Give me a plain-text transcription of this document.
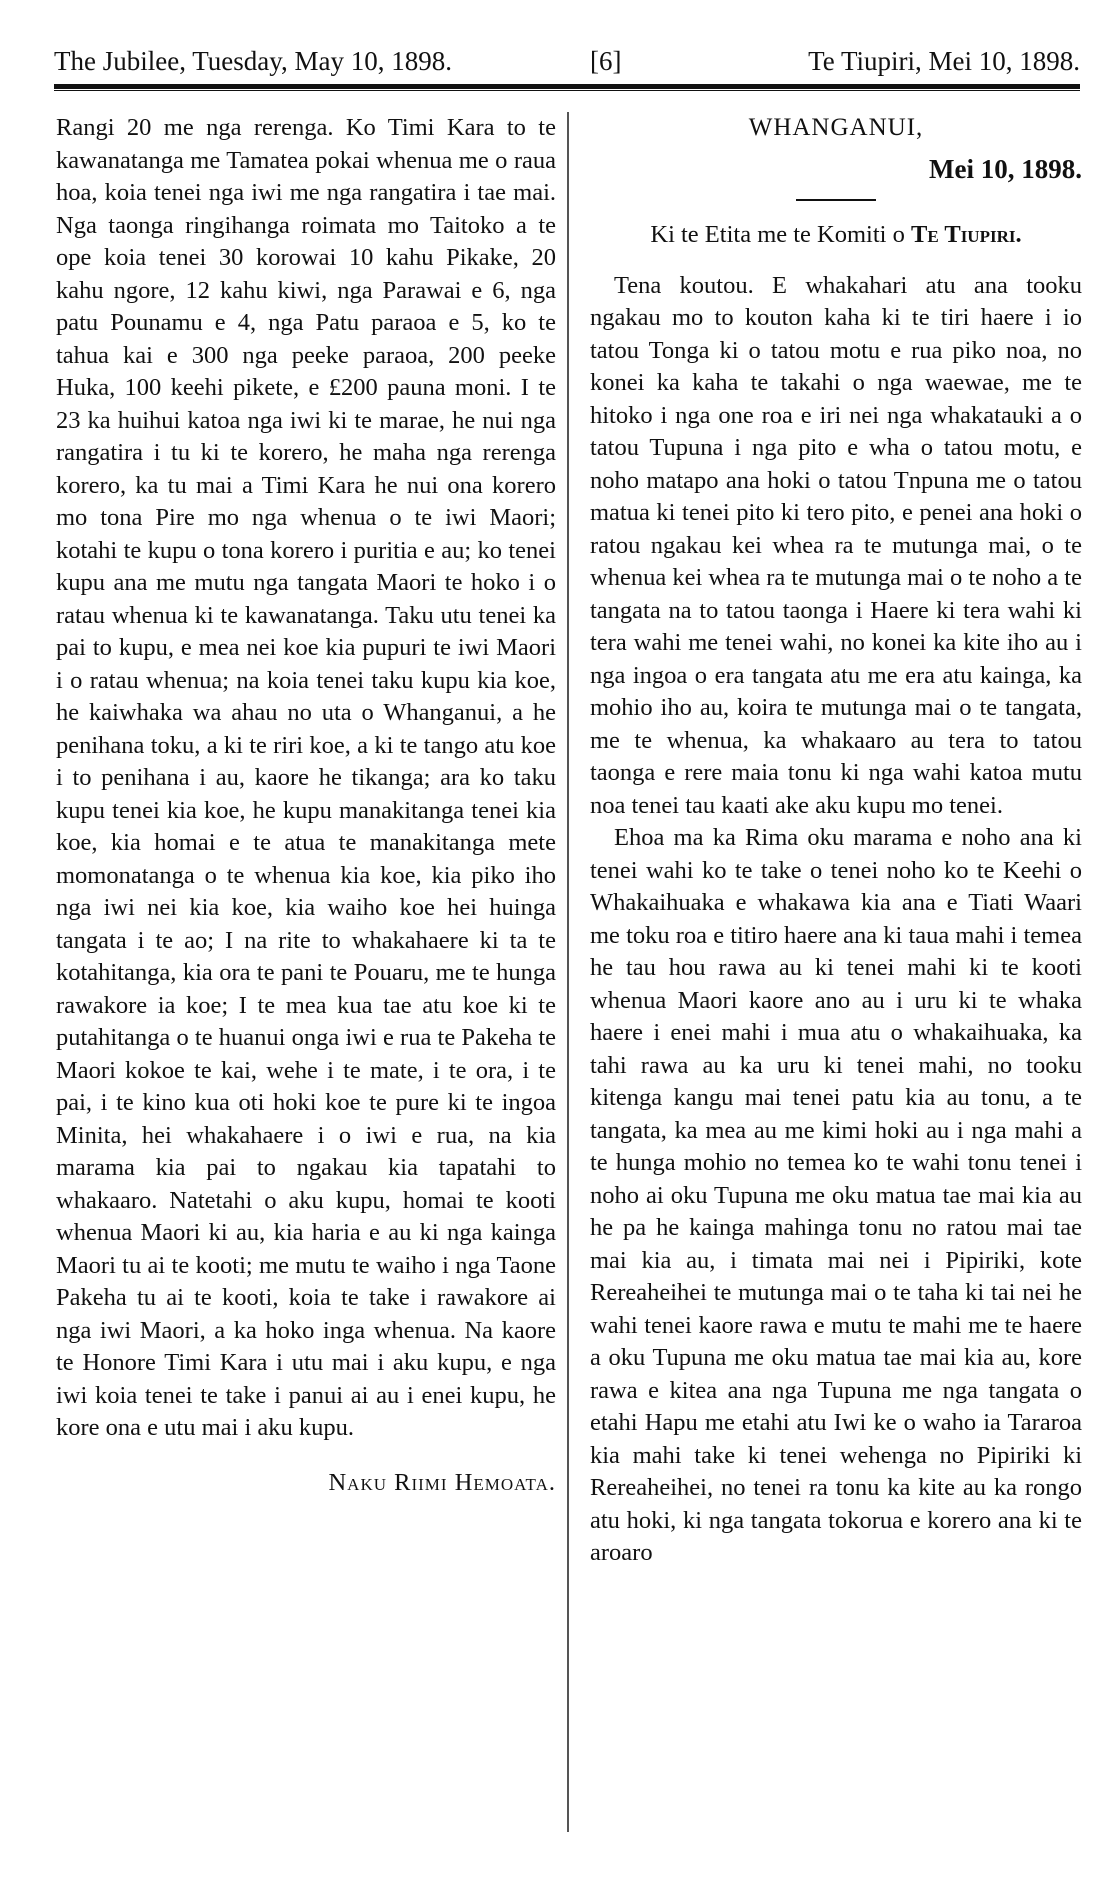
The Jubilee, Tuesday, May 10, 1898.	[6]	Te Tiupiri, Mei 10, 1898.

Rangi 20 me nga rerenga. Ko Timi Kara to te kawanatanga me Tamatea pokai whenua me o raua hoa, koia tenei nga iwi me nga rangatira i tae mai. Nga taonga ringihanga roimata mo Taitoko a te ope koia tenei 30 korowai 10 kahu Pikake, 20 kahu ngore, 12 kahu kiwi, nga Parawai e 6, nga patu Pounamu e 4, nga Patu paraoa e 5, ko te tahua kai e 300 nga peeke paraoa, 200 peeke Huka, 100 keehi pikete, e £200 pauna moni. I te 23 ka huihui katoa nga iwi ki te marae, he nui nga rangatira i tu ki te korero, he maha nga rerenga korero, ka tu mai a Timi Kara he nui ona korero mo tona Pire mo nga whenua o te iwi Maori; kotahi te kupu o tona korero i puritia e au; ko tenei kupu ana me mutu nga tangata Maori te hoko i o ratau whenua ki te kawanatanga. Taku utu tenei ka pai to kupu, e mea nei koe kia pupuri te iwi Maori i o ratau whenua; na koia tenei taku kupu kia koe, he kaiwhaka wa ahau no uta o Whanganui, a he penihana toku, a ki te riri koe, a ki te tango atu koe i to penihana i au, kaore he tikanga; ara ko taku kupu tenei kia koe, he kupu manakitanga tenei kia koe, kia homai e te atua te manakitanga mete momonatanga o te whenua kia koe, kia piko iho nga iwi nei kia koe, kia waiho koe hei huinga tangata i te ao; I na rite to whakahaere ki ta te kotahitanga, kia ora te pani te Pouaru, me te hunga rawakore ia koe; I te mea kua tae atu koe ki te putahitanga o te huanui onga iwi e rua te Pakeha te Maori kokoe te kai, wehe i te mate, i te ora, i te pai, i te kino kua oti hoki koe te pure ki te ingoa Minita, hei whakahaere i o iwi e rua, na kia marama kia pai to ngakau kia tapatahi to whakaaro. Natetahi o aku kupu, homai te kooti whenua Maori ki au, kia haria e au ki nga kainga Maori tu ai te kooti; me mutu te waiho i nga Taone Pakeha tu ai te kooti, koia te take i rawakore ai nga iwi Maori, a ka hoko inga whenua. Na kaore te Honore Timi Kara i utu mai i aku kupu, e nga iwi koia tenei te take i panui ai au i enei kupu, he kore ona e utu mai i aku kupu.

Naku Riimi Hemoata.

WHANGANUI,

Mei 10, 1898.

Ki te Etita me te Komiti o Te Tiupiri.

Tena koutou. E whakahari atu ana tooku ngakau mo to kouton kaha ki te tiri haere i io tatou Tonga ki o tatou motu e rua piko noa, no konei ka kaha te takahi o nga waewae, me te hitoko i nga one roa e iri nei nga whakatauki a o tatou Tupuna i nga pito e wha o tatou motu, e noho matapo ana hoki o tatou Tnpuna me o tatou matua ki tenei pito ki tero pito, e penei ana hoki o ratou ngakau kei whea ra te mutunga mai, o te whenua kei whea ra te mutunga mai o te noho a te tangata na to tatou taonga i Haere ki tera wahi ki tera wahi me tenei wahi, no konei ka kite iho au i nga ingoa o era tangata atu me era atu kainga, ka mohio iho au, koira te mutunga mai o te tangata, me te whenua, ka whakaaro au tera to tatou taonga e rere maia tonu ki nga wahi katoa mutu noa tenei tau kaati ake aku kupu mo tenei.

Ehoa ma ka Rima oku marama e noho ana ki tenei wahi ko te take o tenei noho ko te Keehi o Whakaihuaka e whakawa kia ana e Tiati Waari me toku roa e titiro haere ana ki taua mahi i temea he tau hou rawa au ki tenei mahi ki te kooti whenua Maori kaore ano au i uru ki te whaka haere i enei mahi i mua atu o whakaihuaka, ka tahi rawa au ka uru ki tenei mahi, no tooku kitenga kangu mai tenei patu kia au tonu, a te tangata, ka mea au me kimi hoki au i nga mahi a te hunga mohio no temea ko te wahi tonu tenei i noho ai oku Tupuna me oku matua tae mai kia au he pa he kainga mahinga tonu no ratou mai tae mai kia au, i timata mai nei i Pipiriki, kote Rereaheihei te mutunga mai o te taha ki tai nei he wahi tenei kaore rawa e mutu te mahi me te haere a oku Tupuna me oku matua tae mai kia au, kore rawa e kitea ana nga Tupuna me nga tangata o etahi Hapu me etahi atu Iwi ke o waho ia Tararoa kia mahi take ki tenei wehenga no Pipiriki ki Rereaheihei, no tenei ra tonu ka kite au ka rongo atu hoki, ki nga tangata tokorua e korero ana ki te aroaro
